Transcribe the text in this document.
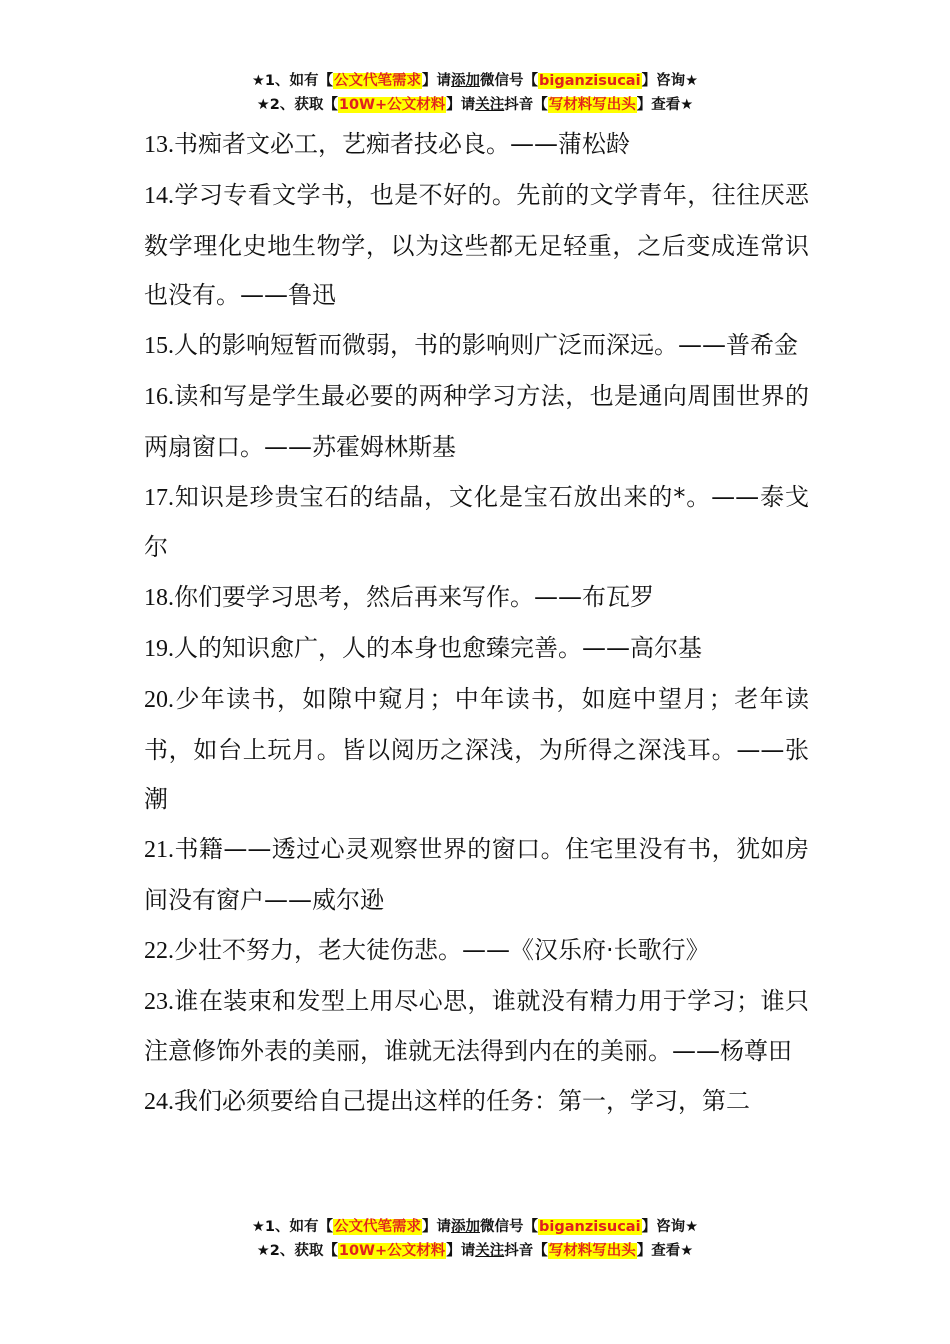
★1、如有【公文代笔需求】请添加微信号【biganzisucai】咨询★
★2、获取【10W+公文材料】请关注抖音【写材料写出头】查看★

13.书痴者文必工，艺痴者技必良。——蒲松龄

14.学习专看文学书，也是不好的。先前的文学青年，往往厌恶数学理化史地生物学，以为这些都无足轻重，之后变成连常识也没有。——鲁迅

15.人的影响短暂而微弱，书的影响则广泛而深远。——普希金

16.读和写是学生最必要的两种学习方法，也是通向周围世界的两扇窗口。——苏霍姆林斯基

17.知识是珍贵宝石的结晶，文化是宝石放出来的*。——泰戈尔

18.你们要学习思考，然后再来写作。——布瓦罗

19.人的知识愈广，人的本身也愈臻完善。——高尔基

20.少年读书，如隙中窥月；中年读书，如庭中望月；老年读书，如台上玩月。皆以阅历之深浅，为所得之深浅耳。——张潮

21.书籍——透过心灵观察世界的窗口。住宅里没有书，犹如房间没有窗户——威尔逊

22.少壮不努力，老大徒伤悲。——《汉乐府·长歌行》

23.谁在装束和发型上用尽心思，谁就没有精力用于学习；谁只注意修饰外表的美丽，谁就无法得到内在的美丽。——杨尊田

24.我们必须要给自己提出这样的任务：第一，学习，第二

★1、如有【公文代笔需求】请添加微信号【biganzisucai】咨询★
★2、获取【10W+公文材料】请关注抖音【写材料写出头】查看★
